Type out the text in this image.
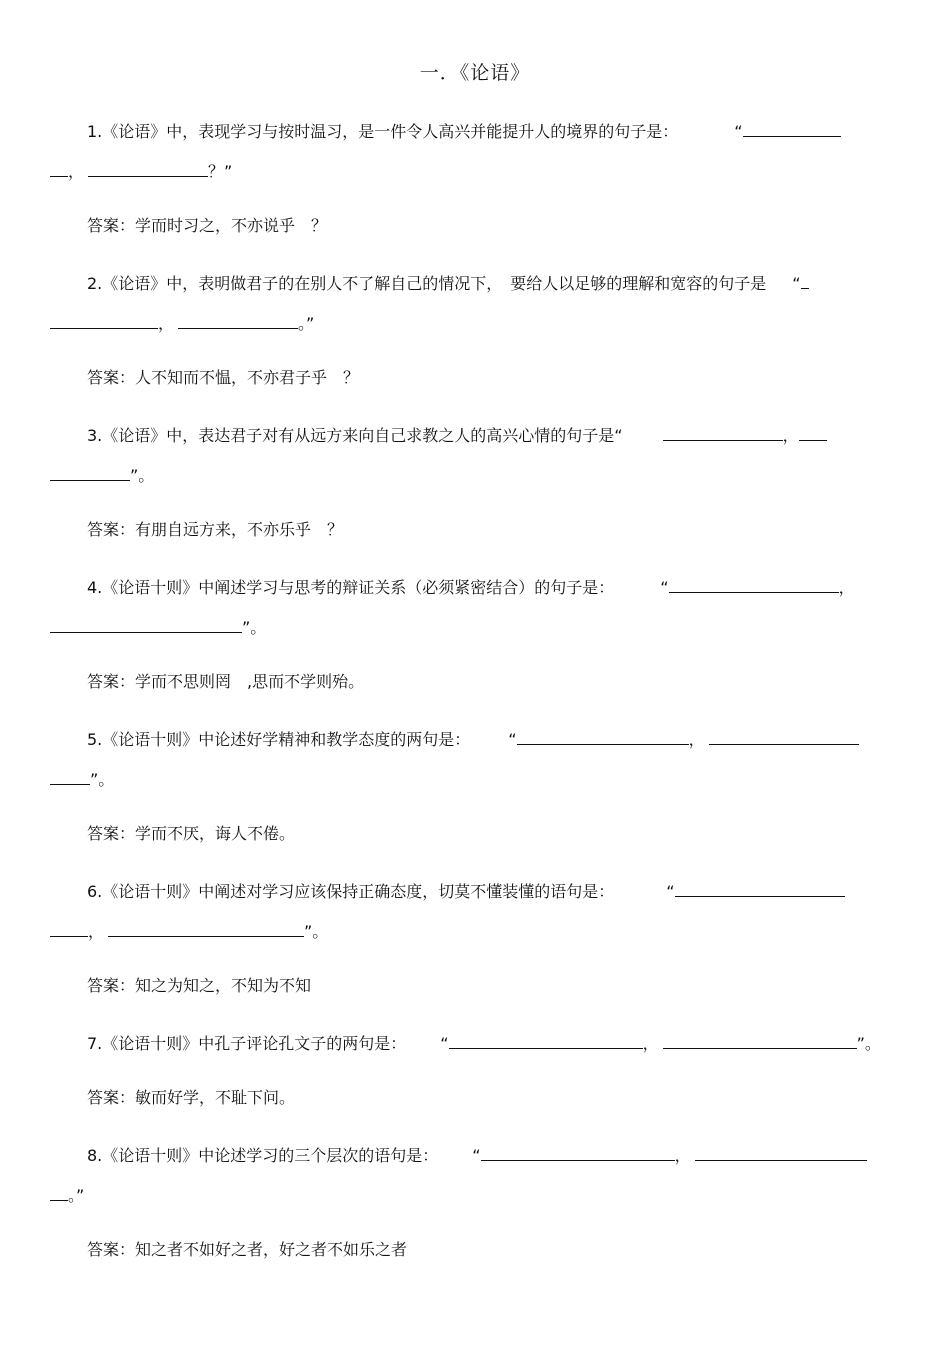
一．《论语》
1.《论语》中，表现学习与按时温习，是一件令人高兴并能提升人的境界的句子是：	“
，	？”
答案：学而时习之，不亦说乎　？
2.《论语》中，表明做君子的在别人不了解自己的情况下，　要给人以足够的理解和宽容的句子是 “
，	。”
答案：人不知而不愠，不亦君子乎　？
3.《论语》中，表达君子对有从远方来向自己求教之人的高兴心情的句子是“	，
”。
答案：有朋自远方来，不亦乐乎　？
4.《论语十则》中阐述学习与思考的辩证关系（必须紧密结合）的句子是：	“	，
”。
答案：学而不思则罔　,思而不学则殆。
5.《论语十则》中论述好学精神和教学态度的两句是： “	，
”。
答案：学而不厌，诲人不倦。
6.《论语十则》中阐述对学习应该保持正确态度，切莫不懂装懂的语句是：	“
，	”。
答案：知之为知之，不知为不知
7.《论语十则》中孔子评论孔文子的两句是： “	，	”。
答案：敏而好学，不耻下问。
8.《论语十则》中论述学习的三个层次的语句是： “	，
。”
答案：知之者不如好之者，好之者不如乐之者
